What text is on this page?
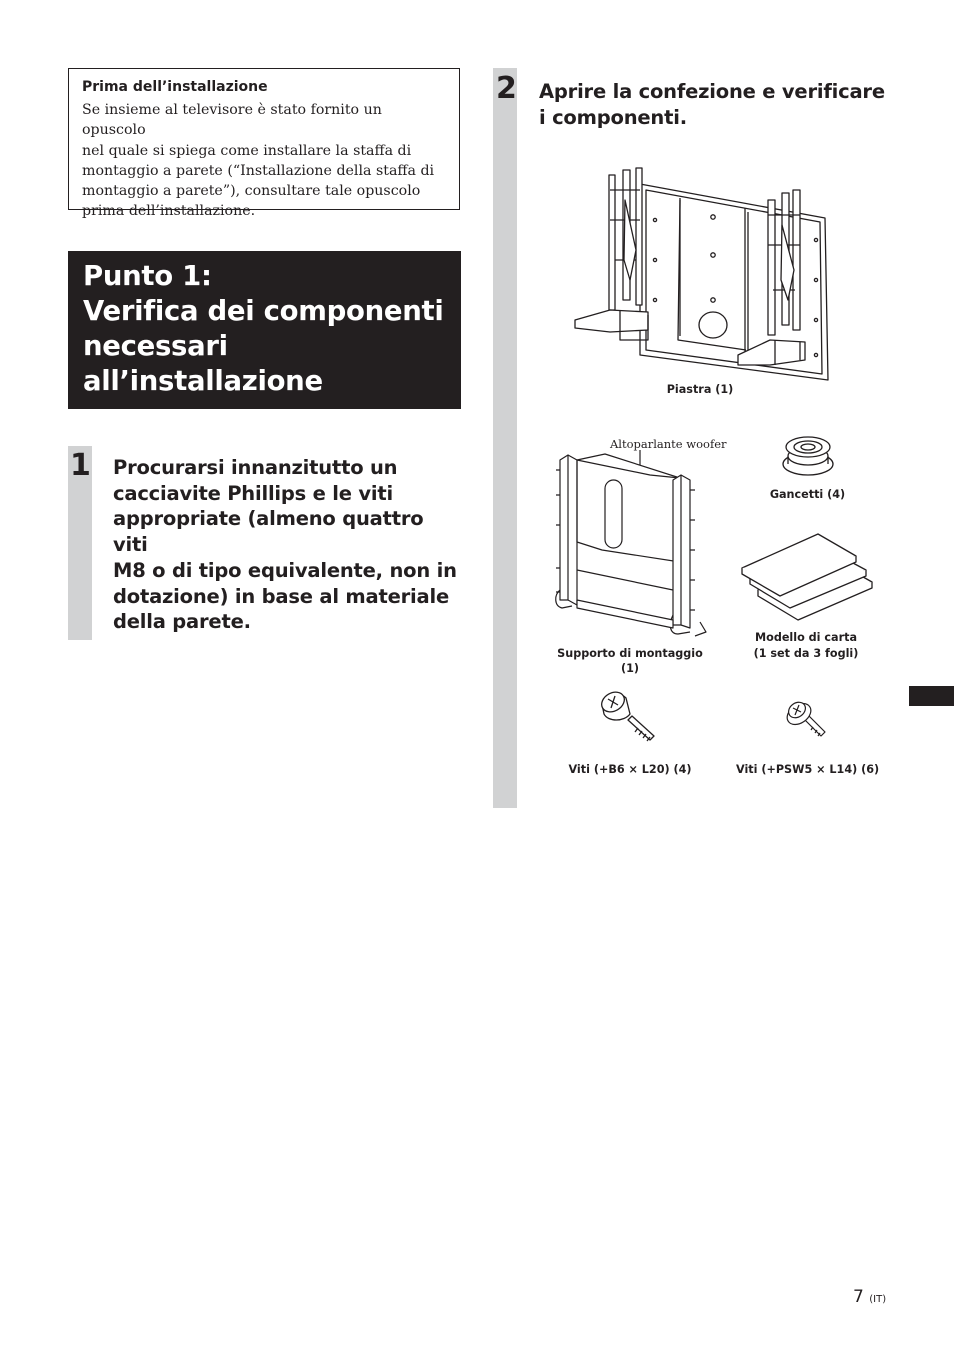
Prima dell’installazione

Se insieme al televisore è stato fornito un opuscolo
nel quale si spiega come installare la staffa di
montaggio a parete (“Installazione della staffa di
montaggio a parete”), consultare tale opuscolo
prima dell’installazione.

Punto 1:
Verifica dei componenti
necessari
all’installazione
1 Procurarsi innanzitutto un
cacciavite Phillips e le viti
appropriate (almeno quattro viti
M8 o di tipo equivalente, non in
dotazione) in base al materiale
della parete.
2 Aprire la confezione e verificare
i componenti.
Piastra (1)
Altoparlante woofer
Supporto di montaggio
(1)
Gancetti (4)
Modello di carta
(1 set da 3 fogli)
Viti (+B6 × L20) (4)	Viti (+PSW5 × L14) (6)
7 (IT)
